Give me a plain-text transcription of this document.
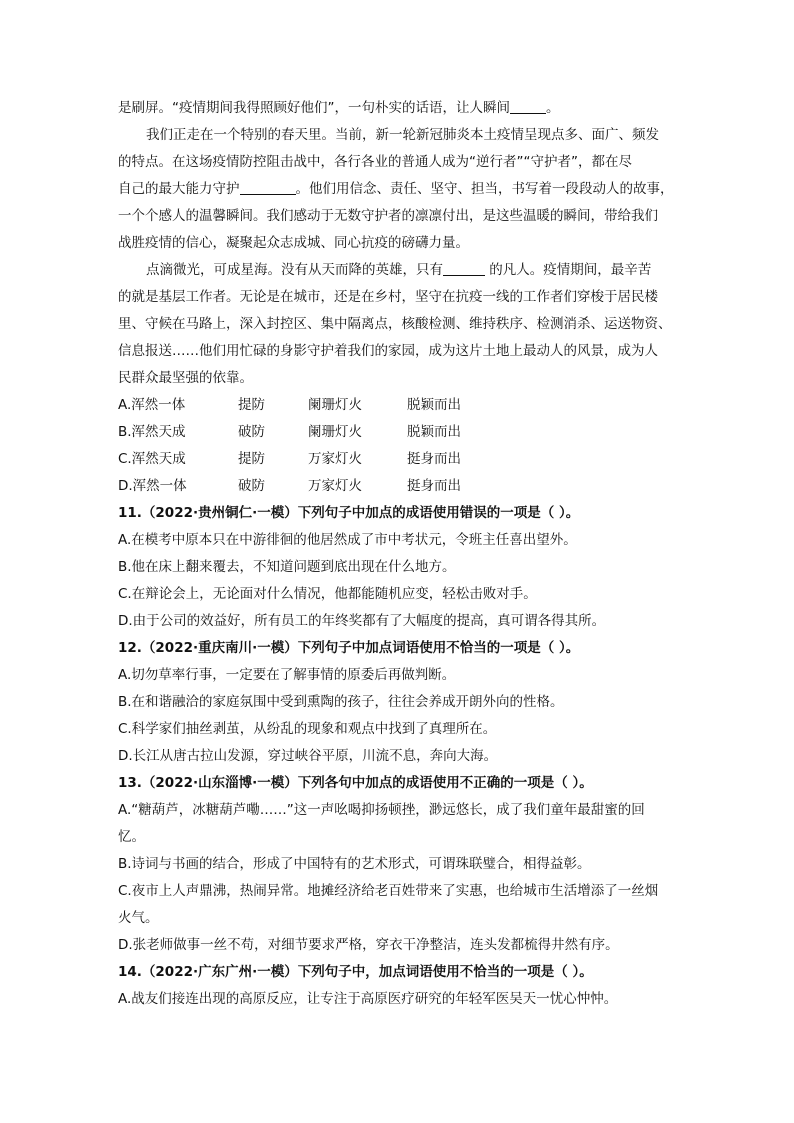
是刷屏。“疫情期间我得照顾好他们”，一句朴实的话语，让人瞬间	。
我们正走在一个特别的春天里。当前，新一轮新冠肺炎本土疫情呈现点多、面广、频发
的特点。在这场疫情防控阻击战中，各行各业的普通人成为“逆行者”“守护者”，都在尽
自己的最大能力守护	。他们用信念、责任、坚守、担当，书写着一段段动人的故事，
一个个感人的温馨瞬间。我们感动于无数守护者的凛凛付出，是这些温暖的瞬间，带给我们
战胜疫情的信心，凝聚起众志成城、同心抗疫的磅礴力量。
点滴微光，可成星海。没有从天而降的英雄，只有	的凡人。疫情期间，最辛苦
的就是基层工作者。无论是在城市，还是在乡村，坚守在抗疫一线的工作者们穿梭于居民楼
里、守候在马路上，深入封控区、集中隔离点，核酸检测、维持秩序、检测消杀、运送物资、
信息报送……他们用忙碌的身影守护着我们的家园，成为这片土地上最动人的风景，成为人
民群众最坚强的依靠。
A.浑然一体	提防	阑珊灯火	脱颖而出
B.浑然天成	破防	阑珊灯火	脱颖而出
C.浑然天成	提防	万家灯火	挺身而出
D.浑然一体	破防	万家灯火	挺身而出
11.（2022·贵州铜仁·一模）下列句子中加点的成语使用错误的一项是（ ）。
A.在模考中原本只在中游徘徊的他居然成了市中考状元，令班主任喜出望外。
B.他在床上翻来覆去，不知道问题到底出现在什么地方。
C.在辩论会上，无论面对什么情况，他都能随机应变，轻松击败对手。
D.由于公司的效益好，所有员工的年终奖都有了大幅度的提高，真可谓各得其所。
12.（2022·重庆南川·一模）下列句子中加点词语使用不恰当的一项是（ ）。
A.切勿草率行事，一定要在了解事情的原委后再做判断。
B.在和谐融洽的家庭氛围中受到熏陶的孩子，往往会养成开朗外向的性格。
C.科学家们抽丝剥茧，从纷乱的现象和观点中找到了真理所在。
D.长江从唐古拉山发源，穿过峡谷平原，川流不息，奔向大海。
13.（2022·山东淄博·一模）下列各句中加点的成语使用不正确的一项是（ ）。
A.“糖葫芦，冰糖葫芦嘞……”这一声吆喝抑扬顿挫，渺远悠长，成了我们童年最甜蜜的回
忆。
B.诗词与书画的结合，形成了中国特有的艺术形式，可谓珠联璧合，相得益彰。
C.夜市上人声鼎沸，热闹异常。地摊经济给老百姓带来了实惠，也给城市生活增添了一丝烟
火气。
D.张老师做事一丝不苟，对细节要求严格，穿衣干净整洁，连头发都梳得井然有序。
14.（2022·广东广州·一模）下列句子中，加点词语使用不恰当的一项是（ ）。
A.战友们接连出现的高原反应，让专注于高原医疗研究的年轻军医吴天一忧心忡忡。
